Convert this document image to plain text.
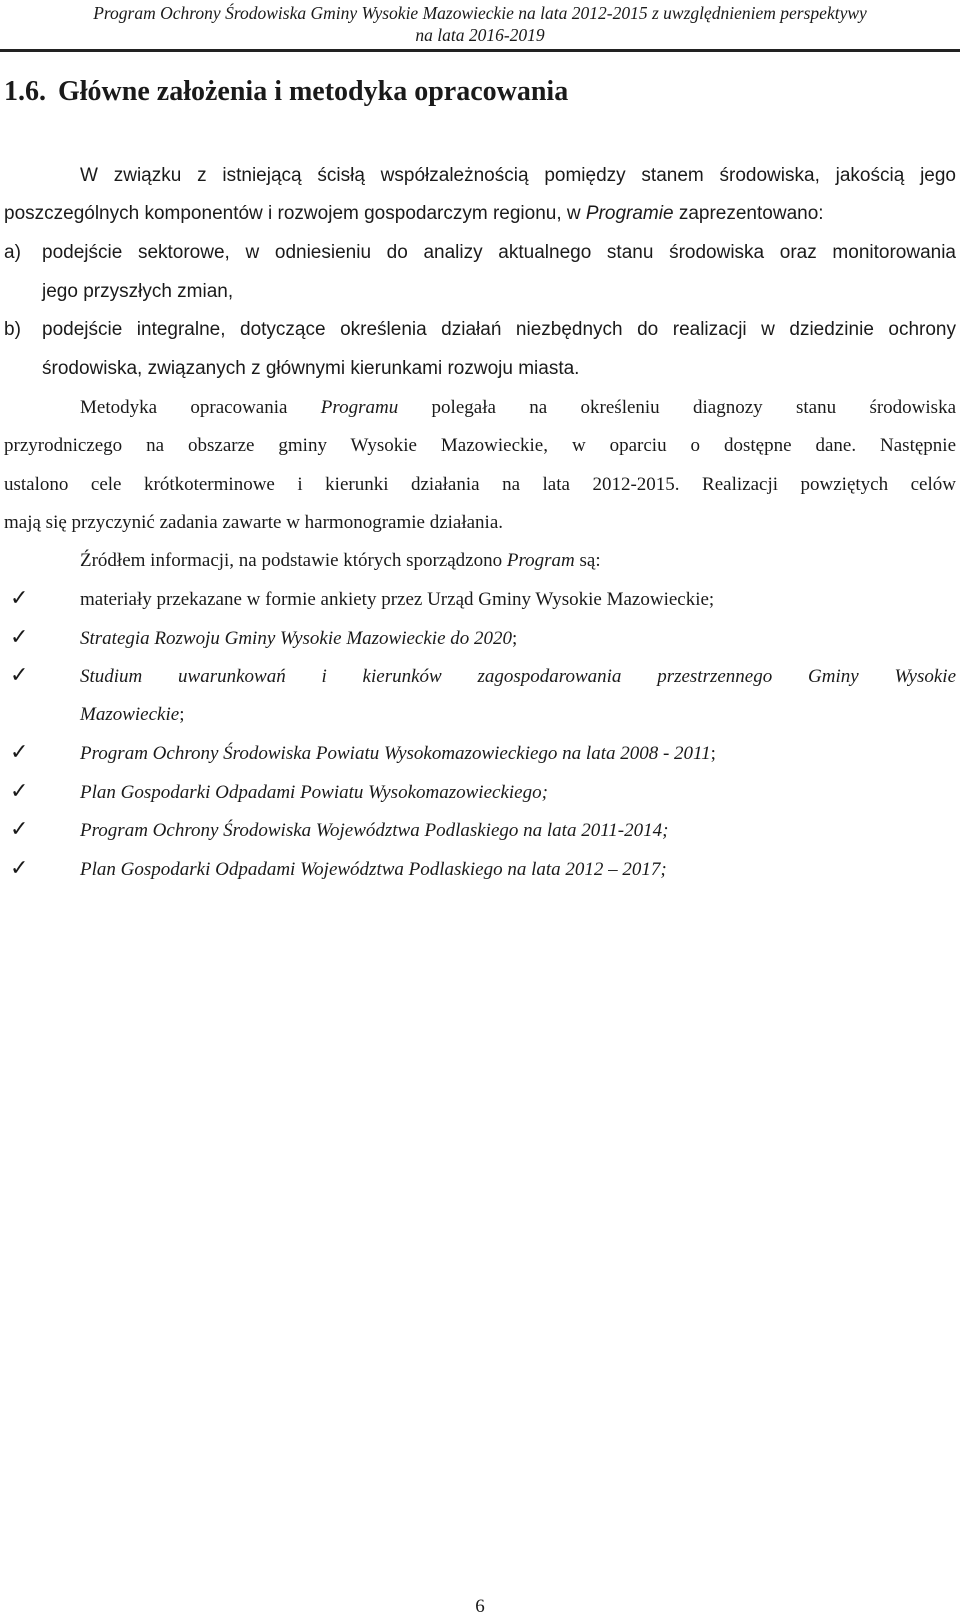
Program Ochrony Środowiska Gminy Wysokie Mazowieckie na lata 2012-2015 z uwzględnieniem perspektywy
na lata 2016-2019
1.6. Główne założenia i metodyka opracowania
W związku z istniejącą ścisłą współzależnością pomiędzy stanem środowiska, jakością jego
poszczególnych komponentów i rozwojem gospodarczym regionu, w Programie zaprezentowano:
a) podejście sektorowe, w odniesieniu do analizy aktualnego stanu środowiska oraz monitorowania
jego przyszłych zmian,
b) podejście integralne, dotyczące określenia działań niezbędnych do realizacji w dziedzinie ochrony
środowiska, związanych z głównymi kierunkami rozwoju miasta.
Metodyka opracowania Programu polegała na określeniu diagnozy stanu środowiska
przyrodniczego na obszarze gminy Wysokie Mazowieckie, w oparciu o dostępne dane. Następnie
ustalono cele krótkoterminowe i kierunki działania na lata 2012-2015. Realizacji powziętych celów
mają się przyczynić zadania zawarte w harmonogramie działania.
Źródłem informacji, na podstawie których sporządzono Program są:
✓	materiały przekazane w formie ankiety przez Urząd Gminy Wysokie Mazowieckie;
✓	Strategia Rozwoju Gminy Wysokie Mazowieckie do 2020;
✓	Studium uwarunkowań i kierunków zagospodarowania przestrzennego Gminy Wysokie
Mazowieckie;
✓	Program Ochrony Środowiska Powiatu Wysokomazowieckiego na lata 2008 - 2011;
✓	Plan Gospodarki Odpadami Powiatu Wysokomazowieckiego;
✓	Program Ochrony Środowiska Województwa Podlaskiego na lata 2011-2014;
✓	Plan Gospodarki Odpadami Województwa Podlaskiego na lata 2012 – 2017;
6
